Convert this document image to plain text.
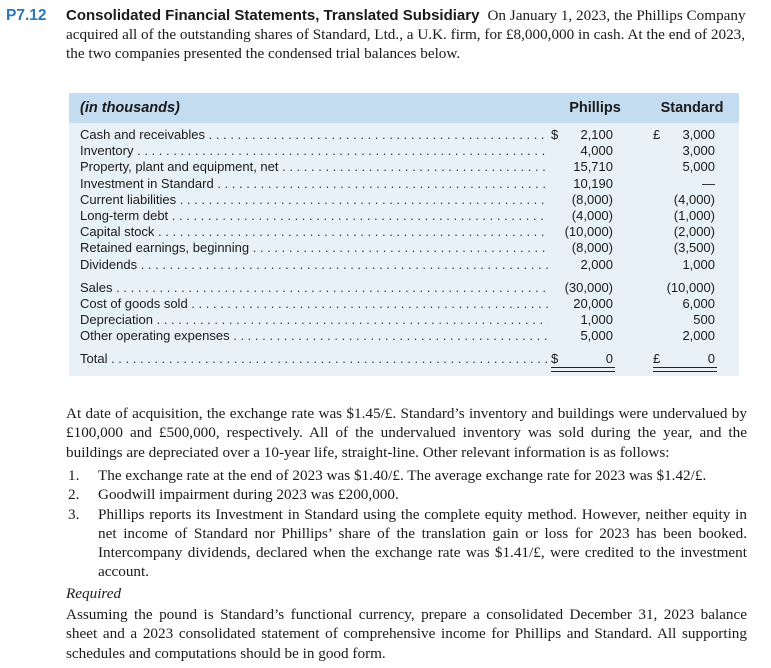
P7.12 Consolidated Financial Statements, Translated Subsidiary On January 1, 2023, the Phillips Company acquired all of the outstanding shares of Standard, Ltd., a U.K. firm, for £8,000,000 in cash. At the end of 2023, the two companies presented the condensed trial balances below.
(in thousands)	Phillips	Standard
Cash and receivables . . .	$	2,100	£	3,000
Inventory . . .	4,000	3,000
Property, plant and equipment, net . . .	15,710	5,000
Investment in Standard . . .	10,190	—
Current liabilities . . .	(8,000)	(4,000)
Long-term debt . . .	(4,000)	(1,000)
Capital stock . . .	(10,000)	(2,000)
Retained earnings, beginning . . .	(8,000)	(3,500)
Dividends . . .	2,000	1,000
Sales . . .	(30,000)	(10,000)
Cost of goods sold . . .	20,000	6,000
Depreciation . . .	1,000	500
Other operating expenses . . .	5,000	2,000
Total . . .	$	0	£	0
At date of acquisition, the exchange rate was $1.45/£. Standard’s inventory and buildings were undervalued by £100,000 and £500,000, respectively. All of the undervalued inventory was sold during the year, and the buildings are depreciated over a 10-year life, straight-line. Other relevant information is as follows:
1. The exchange rate at the end of 2023 was $1.40/£. The average exchange rate for 2023 was $1.42/£.
2. Goodwill impairment during 2023 was £200,000.
3. Phillips reports its Investment in Standard using the complete equity method. However, neither equity in net income of Standard nor Phillips’ share of the translation gain or loss for 2023 has been booked. Intercompany dividends, declared when the exchange rate was $1.41/£, were credited to the investment account.
Required
Assuming the pound is Standard’s functional currency, prepare a consolidated December 31, 2023 balance sheet and a 2023 consolidated statement of comprehensive income for Phillips and Standard. All supporting schedules and computations should be in good form.
